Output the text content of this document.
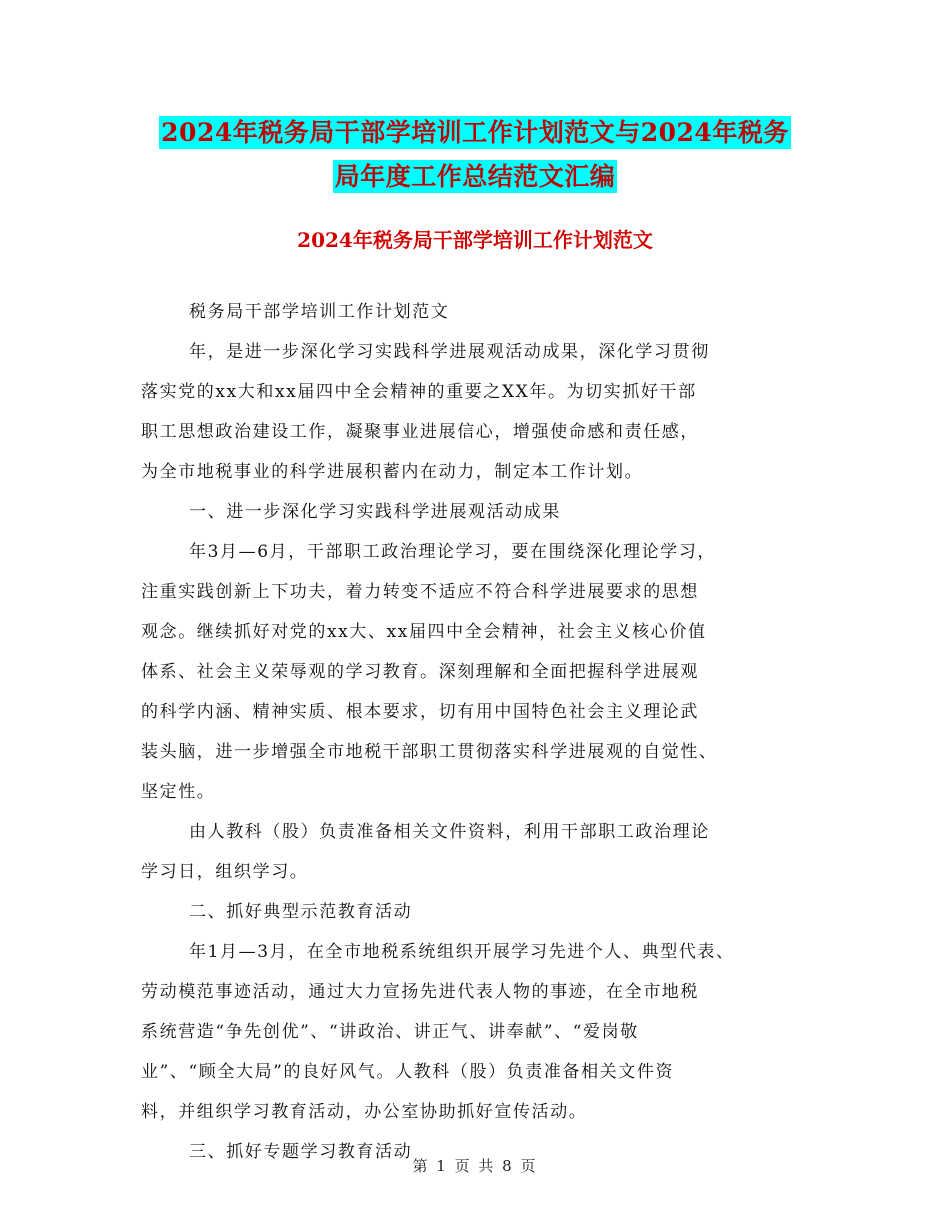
2024年税务局干部学培训工作计划范文与2024年税务
局年度工作总结范文汇编
2024年税务局干部学培训工作计划范文
税务局干部学培训工作计划范文
年，是进一步深化学习实践科学进展观活动成果，深化学习贯彻
落实党的xx大和xx届四中全会精神的重要之XX年。为切实抓好干部
职工思想政治建设工作，凝聚事业进展信心，增强使命感和责任感，
为全市地税事业的科学进展积蓄内在动力，制定本工作计划。
一、进一步深化学习实践科学进展观活动成果
年3月—6月，干部职工政治理论学习，要在围绕深化理论学习，
注重实践创新上下功夫，着力转变不适应不符合科学进展要求的思想
观念。继续抓好对党的xx大、xx届四中全会精神，社会主义核心价值
体系、社会主义荣辱观的学习教育。深刻理解和全面把握科学进展观
的科学内涵、精神实质、根本要求，切有用中国特色社会主义理论武
装头脑，进一步增强全市地税干部职工贯彻落实科学进展观的自觉性、
坚定性。
由人教科（股）负责准备相关文件资料，利用干部职工政治理论
学习日，组织学习。
二、抓好典型示范教育活动
年1月—3月，在全市地税系统组织开展学习先进个人、典型代表、
劳动模范事迹活动，通过大力宣扬先进代表人物的事迹，在全市地税
系统营造“争先创优”、“讲政治、讲正气、讲奉献”、“爱岗敬
业”、“顾全大局”的良好风气。人教科（股）负责准备相关文件资
料，并组织学习教育活动，办公室协助抓好宣传活动。
三、抓好专题学习教育活动
第 1 页 共 8 页
